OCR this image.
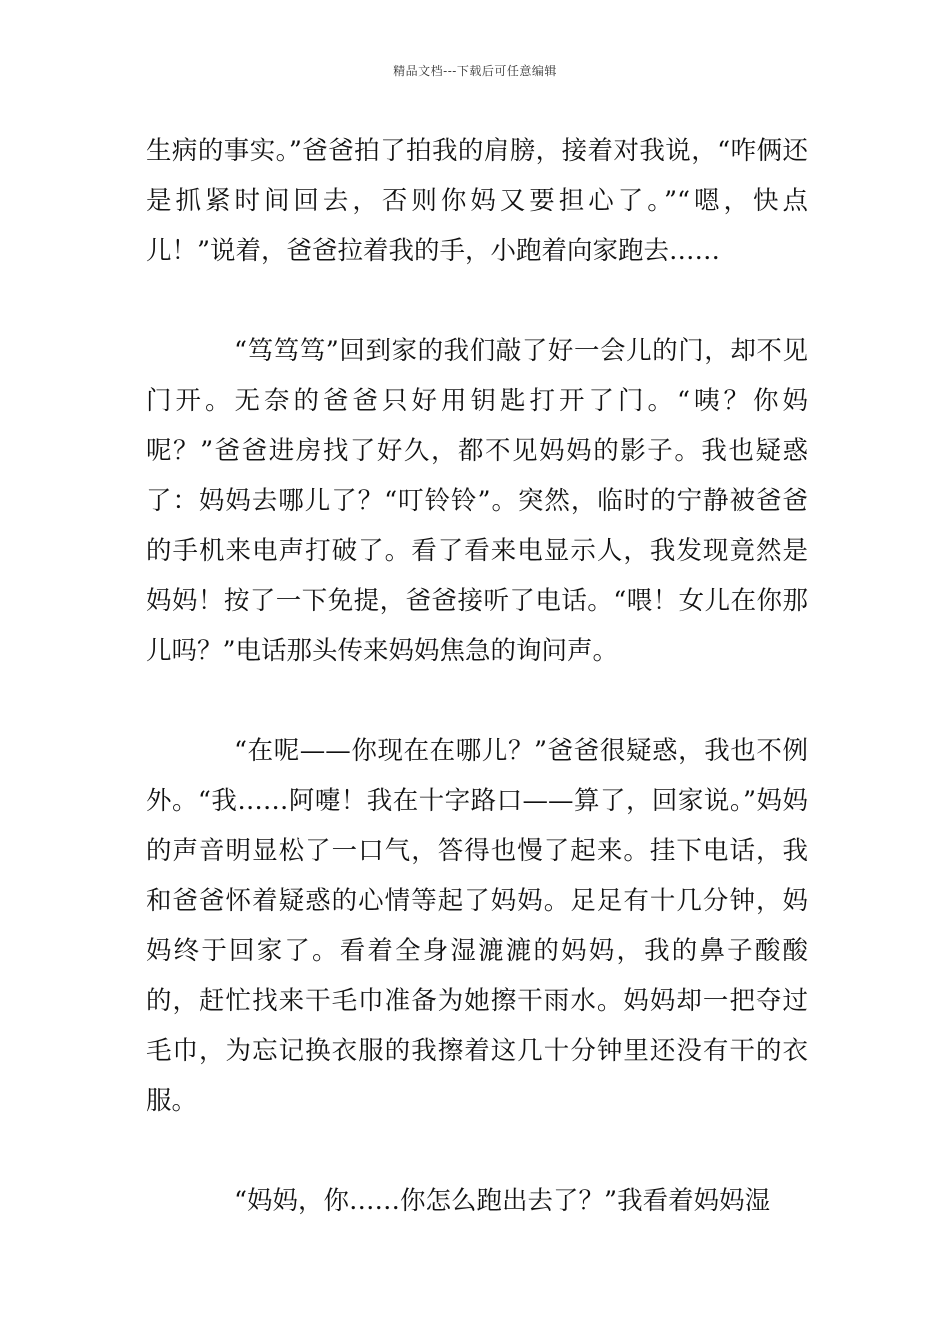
精品文档---下载后可任意编辑

生病的事实。”爸爸拍了拍我的肩膀，接着对我说，“咋俩还是抓紧时间回去，否则你妈又要担心了。”“嗯，快点儿！”说着，爸爸拉着我的手，小跑着向家跑去……

“笃笃笃”回到家的我们敲了好一会儿的门，却不见门开。无奈的爸爸只好用钥匙打开了门。“咦？你妈呢？”爸爸进房找了好久，都不见妈妈的影子。我也疑惑了：妈妈去哪儿了？“叮铃铃”。突然，临时的宁静被爸爸的手机来电声打破了。看了看来电显示人，我发现竟然是妈妈！按了一下免提，爸爸接听了电话。“喂！女儿在你那儿吗？”电话那头传来妈妈焦急的询问声。

“在呢——你现在在哪儿？”爸爸很疑惑，我也不例外。“我……阿嚏！我在十字路口——算了，回家说。”妈妈的声音明显松了一口气，答得也慢了起来。挂下电话，我和爸爸怀着疑惑的心情等起了妈妈。足足有十几分钟，妈妈终于回家了。看着全身湿漉漉的妈妈，我的鼻子酸酸的，赶忙找来干毛巾准备为她擦干雨水。妈妈却一把夺过毛巾，为忘记换衣服的我擦着这几十分钟里还没有干的衣服。

“妈妈，你……你怎么跑出去了？”我看着妈妈湿
